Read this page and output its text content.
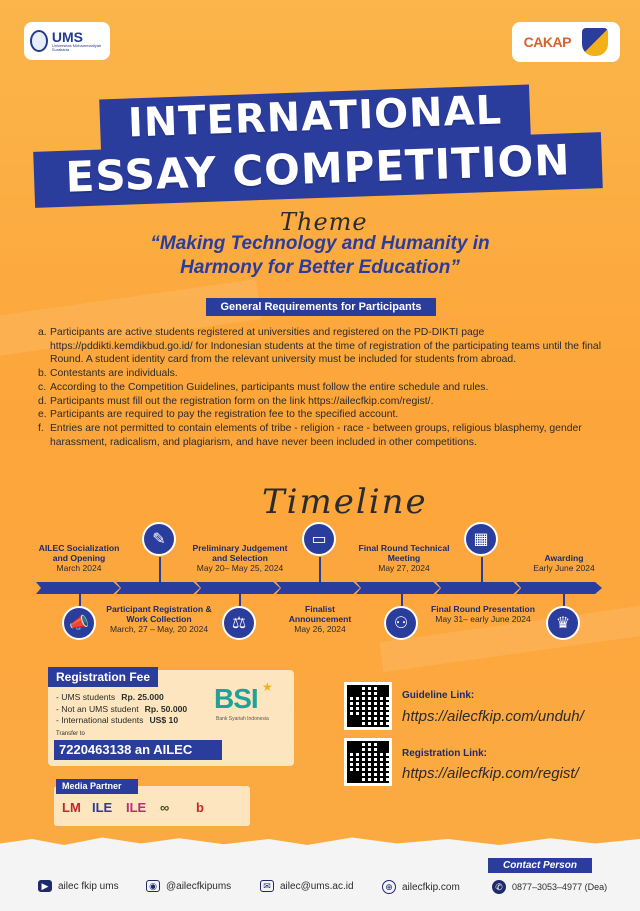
UMS
Universitas Muhammadiyah Surakarta	CAKAP
INTERNATIONAL
ESSAY COMPETITION
Theme
“Making Technology and Humanity in
Harmony for Better Education”
General Requirements for Participants
a. Participants are active students registered at universities and registered on the PD-DIKTI page https://pddikti.kemdikbud.go.id/ for Indonesian students at the time of registration of the participating teams until the final Round. A student identity card from the relevant university must be included for students from abroad.
b. Contestants are individuals.
c. According to the Competition Guidelines, participants must follow the entire schedule and rules.
d. Participants must fill out the registration form on the link https://ailecfkip.com/regist/.
e. Participants are required to pay the registration fee to the specified account.
f. Entries are not permitted to contain elements of tribe - religion - race - between groups, religious blasphemy, gender harassment, radicalism, and plagiarism, and have never been included in other competitions.
Timeline
📣
✎
⚖
▭
⚇
▦
♛
AILEC Socialization and Opening
March 2024
Participant Registration & Work Collection
March, 27 – May, 20 2024
Preliminary Judgement and Selection
May 20– May 25, 2024
Finalist Announcement
May 26, 2024
Final Round Technical Meeting
May 27, 2024
Final Round Presentation
May 31– early June 2024
Awarding
Early June 2024
Registration Fee
- UMS students Rp. 25.000
- Not an UMS student Rp. 50.000
- International students US$ 10
Transfer to
7220463138 an AILEC
BSI ★
Bank Syariah Indonesia
Guideline Link:
https://ailecfkip.com/unduh/
Registration Link:
https://ailecfkip.com/regist/
Media Partner
LM ILE ILE ∞ b
Contact Person
▶ ailec fkip ums	◉ @ailecfkipums	✉ ailec@ums.ac.id	⊕ ailecfkip.com	✆	0877–3053–4977 (Dea)
